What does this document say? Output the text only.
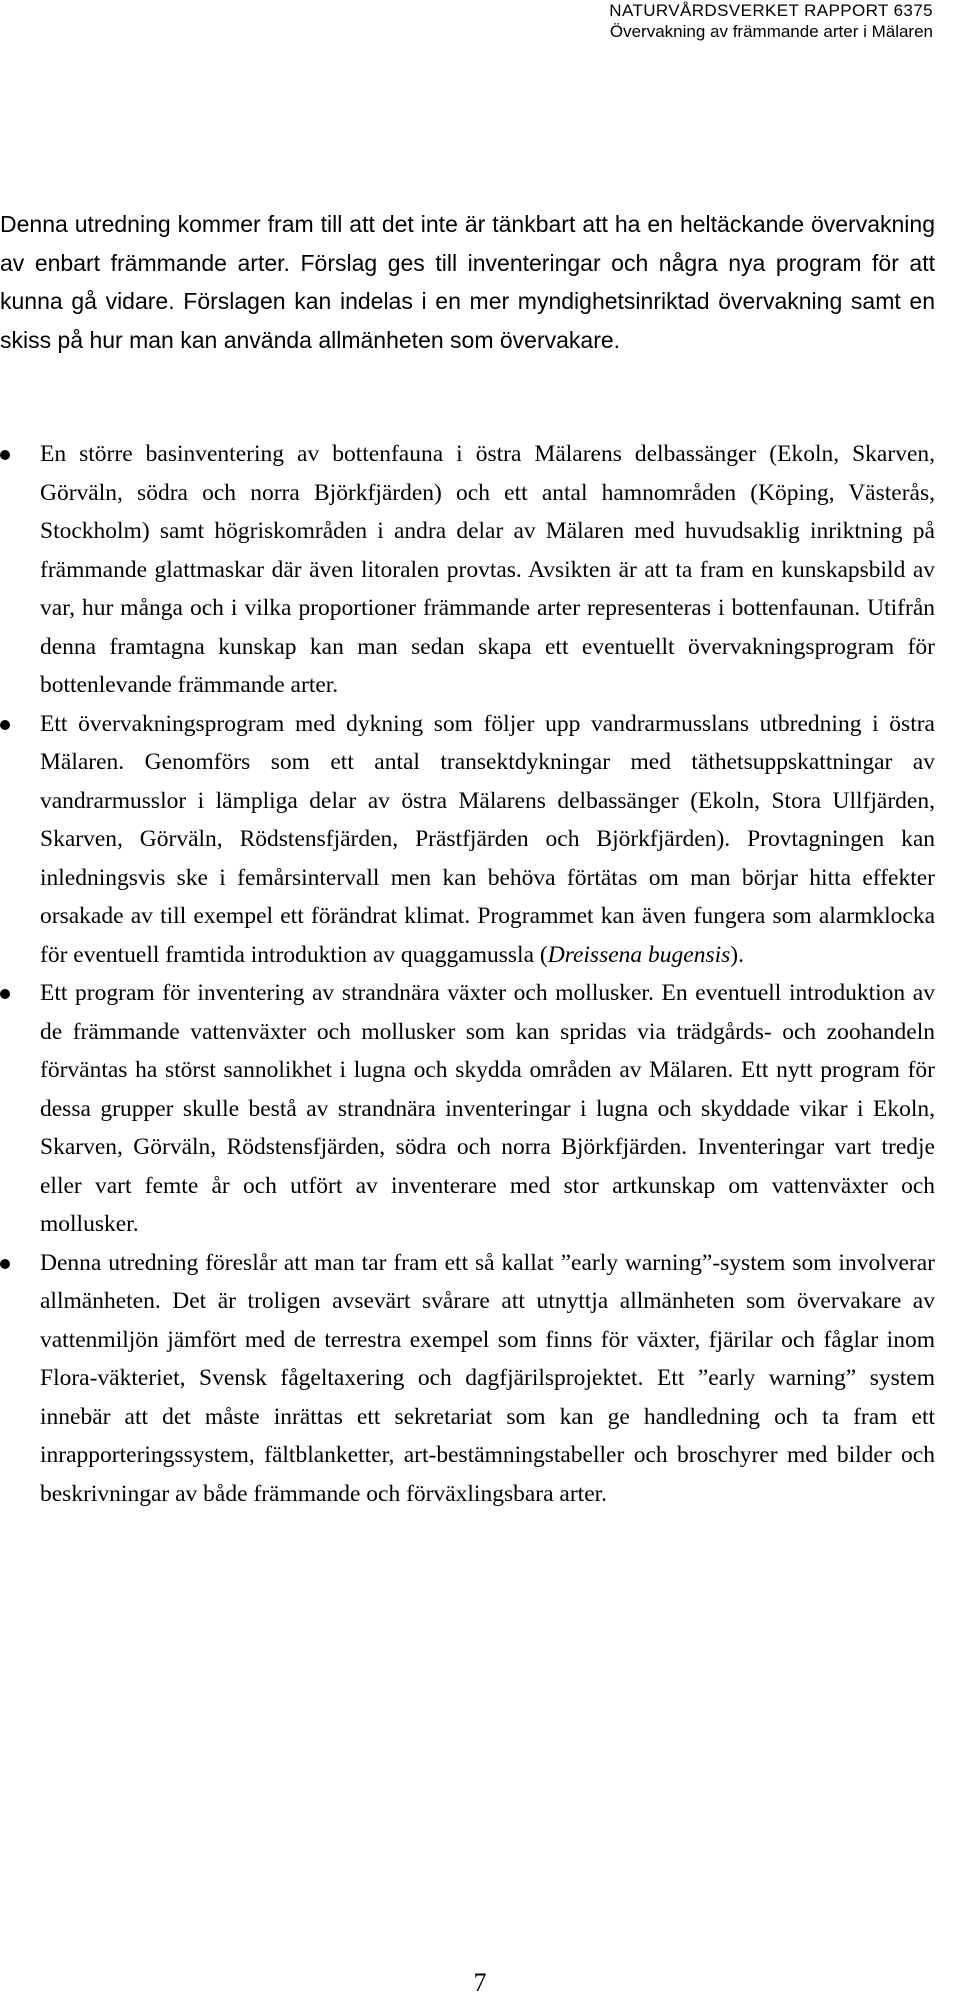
NATURVÅRDSVERKET RAPPORT 6375
Övervakning av främmande arter i Mälaren

Denna utredning kommer fram till att det inte är tänkbart att ha en heltäckande övervakning av enbart främmande arter. Förslag ges till inventeringar och några nya program för att kunna gå vidare. Förslagen kan indelas i en mer myndighetsinriktad övervakning samt en skiss på hur man kan använda allmänheten som övervakare.

En större basinventering av bottenfauna i östra Mälarens delbassänger (Ekoln, Skarven, Görväln, södra och norra Björkfjärden) och ett antal hamnområden (Köping, Västerås, Stockholm) samt högriskområden i andra delar av Mälaren med huvudsaklig inriktning på främmande glattmaskar där även litoralen provtas. Avsikten är att ta fram en kunskapsbild av var, hur många och i vilka proportioner främmande arter representeras i bottenfaunan. Utifrån denna framtagna kunskap kan man sedan skapa ett eventuellt övervakningsprogram för bottenlevande främmande arter.
Ett övervakningsprogram med dykning som följer upp vandrarmusslans utbredning i östra Mälaren. Genomförs som ett antal transektdykningar med täthetsuppskattningar av vandrarmusslor i lämpliga delar av östra Mälarens delbassänger (Ekoln, Stora Ullfjärden, Skarven, Görväln, Rödstensfjärden, Prästfjärden och Björkfjärden). Provtagningen kan inledningsvis ske i femårsintervall men kan behöva förtätas om man börjar hitta effekter orsakade av till exempel ett förändrat klimat. Programmet kan även fungera som alarmklocka för eventuell framtida introduktion av quaggamussla (Dreissena bugensis).
Ett program för inventering av strandnära växter och mollusker. En eventuell introduktion av de främmande vattenväxter och mollusker som kan spridas via trädgårds- och zoohandeln förväntas ha störst sannolikhet i lugna och skydda områden av Mälaren. Ett nytt program för dessa grupper skulle bestå av strandnära inventeringar i lugna och skyddade vikar i Ekoln, Skarven, Görväln, Rödstensfjärden, södra och norra Björkfjärden. Inventeringar vart tredje eller vart femte år och utfört av inventerare med stor artkunskap om vattenväxter och mollusker.
Denna utredning föreslår att man tar fram ett så kallat ”early warning”-system som involverar allmänheten. Det är troligen avsevärt svårare att utnyttja allmänheten som övervakare av vattenmiljön jämfört med de terrestra exempel som finns för växter, fjärilar och fåglar inom Flora-väkteriet, Svensk fågeltaxering och dagfjärilsprojektet. Ett ”early warning” system innebär att det måste inrättas ett sekretariat som kan ge handledning och ta fram ett inrapporteringssystem, fältblanketter, art-bestämningstabeller och broschyrer med bilder och beskrivningar av både främmande och förväxlingsbara arter.
7
